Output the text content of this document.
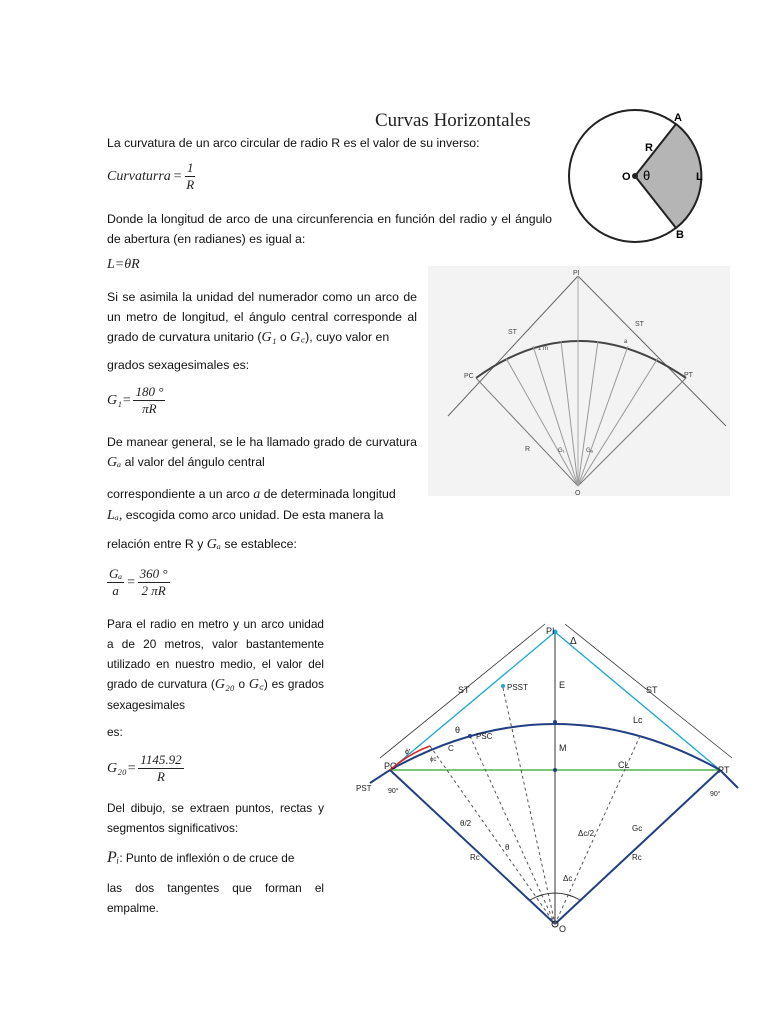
Curvas Horizontales
La curvatura de un arco circular de radio R es el valor de su inverso:
Curvaturra = $\frac{1}{R}$
Donde la longitud de arco de una circunferencia en función del radio y el ángulo de abertura (en radianes) es igual a:
L=θR
Si se asimila la unidad del numerador como un arco de un metro de longitud, el ángulo central corresponde al grado de curvatura unitario (G₁ o G꜀), cuyo valor en
grados sexagesimales es:
$G_1= \frac{180 ^\circ}{\pi R}$
De manear general, se le ha llamado grado de curvatura Gₐ al valor del ángulo central
correspondiente a un arco a de determinada longitud
Lₐ, escogida como arco unidad. De esta manera la
relación entre R y Gₐ se establece:
$\frac{\text{Gₐ}}{a} = \frac{360 ^\circ}{2 \pi R}$
Para el radio en metro y un arco unidad a de 20 metros, valor bastantemente utilizado en nuestro medio, el valor del grado de curvatura (G₂₀ o G꜀) es grados sexagesimales
es:
$G_{20}= \frac{1145.92}{R}$
Del dibujo, se extraen puntos, rectas y segmentos significativos:
Pᵢ: Punto de inflexión o de cruce de
las dos tangentes que forman el empalme.
A
B
R
O θ	L
PI
PC	PT
ST
ST
1 m
a
R	G₁	Gₐ
O
PI
Δ
PSST	E
ST	ST
Lc
PSC
θ
ϕ'	C	M
PC	PT
CL
PST 90°	90°
θ/2
θ
Δc/2
Gc
Rc	Rc
Δc
O
ϕc
